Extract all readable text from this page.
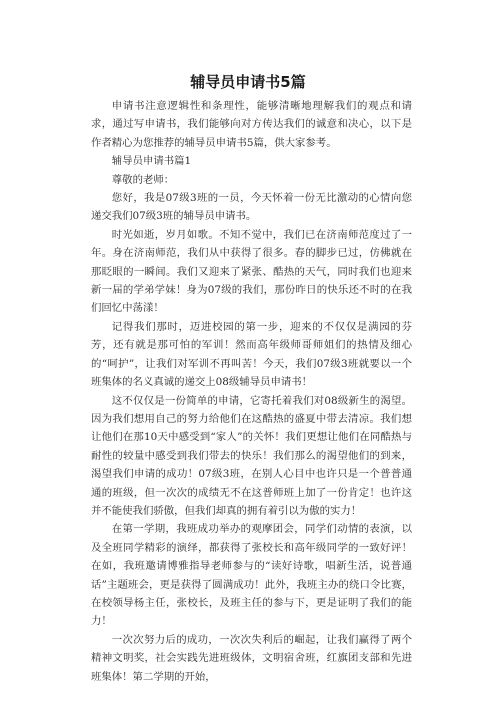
辅导员申请书5篇

申请书注意逻辑性和条理性，能够清晰地理解我们的观点和请求，通过写申请书，我们能够向对方传达我们的诚意和决心，以下是作者精心为您推荐的辅导员申请书5篇，供大家参考。

辅导员申请书篇1

尊敬的老师：

您好，我是07级3班的一员，今天怀着一份无比激动的心情向您递交我们07级3班的辅导员申请书。

时光如逝，岁月如歌。不知不觉中，我们已在济南师范度过了一年。身在济南师范，我们从中获得了很多。春的脚步已过，仿佛就在那眨眼的一瞬间。我们又迎来了紧张、酷热的天气，同时我们也迎来新一届的学弟学妹！身为07级的我们，那份昨日的快乐还不时的在我们回忆中荡漾！

记得我们那时，迈进校园的第一步，迎来的不仅仅是满园的芬芳，还有就是那可怕的军训！然而高年级师哥师姐们的热情及细心的“呵护”，让我们对军训不再叫苦！今天，我们07级3班就要以一个班集体的名义真诚的递交上08级辅导员申请书！

这不仅仅是一份简单的申请，它寄托着我们对08级新生的渴望。因为我们想用自己的努力给他们在这酷热的盛夏中带去清凉。我们想让他们在那10天中感受到“家人”的关怀！我们更想让他们在同酷热与耐性的较量中感受到我们带去的快乐！我们那么的渴望他们的到来，渴望我们申请的成功！07级3班，在别人心目中也许只是一个普普通通的班级，但一次次的成绩无不在这普师班上加了一份肯定！也许这并不能使我们骄傲，但我们却真的拥有着引以为傲的实力！

在第一学期，我班成功举办的观摩团会，同学们动情的表演，以及全班同学精彩的演绎，都获得了张校长和高年级同学的一致好评！在如，我班邀请博雅指导老师参与的“读好诗歌，唱新生活，说普通话”主题班会，更是获得了圆满成功！此外，我班主办的绕口令比赛，在校领导杨主任，张校长，及班主任的参与下，更是证明了我们的能力！

一次次努力后的成功，一次次失利后的崛起，让我们赢得了两个精神文明奖，社会实践先进班级体，文明宿舍班，红旗团支部和先进班集体！第二学期的开始，
